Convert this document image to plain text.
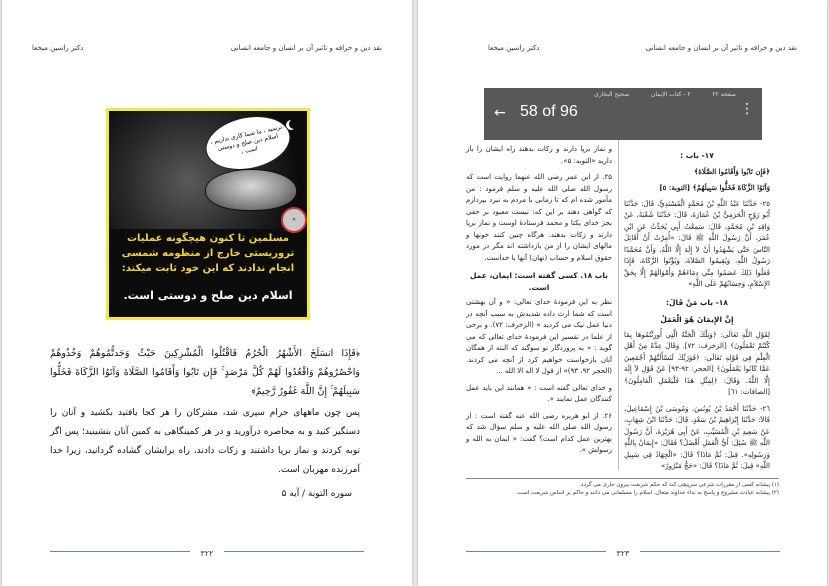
نقد دين و خرافه و تاثير آن بر انسان و جامعه انسانی
دکتر راسين ميخعا
ترسيد ، ما شما کاری نداريم ، اسلام دين صلح و دوستی است ،
✕
مسلمين تا کنون هيچگونه عمليات تروريستی خارج از منظومه شمسی انجام ندادند که اين خود ثابت ميکند:
اسلام دين صلح و دوستی است.
﴿فَإِذَا انسَلَخَ الأَشْهُرُ الْحُرُمُ فَاقْتُلُوا الْمُشْرِكِينَ حَيْثُ وَجَدتُّمُوهُمْ وَخُذُوهُمْ وَاحْصُرُوهُمْ وَاقْعُدُوا لَهُمْ كُلَّ مَرْصَدٍ ۚ فَإِن تَابُوا وَأَقَامُوا الصَّلَاةَ وَآتَوُا الزَّكَاةَ فَخَلُّوا سَبِيلَهُمْ ۚ إِنَّ اللَّهَ غَفُورٌ رَّحِيمٌ﴾
پس چون ماههای حرام سپری شد، مشرکان را هر کجا يافتيد بکشيد و آنان را دستگير کنيد و به محاصره درآوريد و در هر کمينگاهی به کمين آنان بنشينيد؛ پس اگر توبه کردند و نماز برپا داشتند و زکات دادند، راه برايشان گشاده گردانيد، زيرا خدا آمرزنده مهربان است.
سوره التوبة / آيه ۵
۳۲۲
نقد دين و خرافه و تاثير آن بر انسان و جامعه انسانی
دکتر راسين ميخعا
۱۷- باب :
﴿فَإِن تَابُوا وَأَقَامُوا الصَّلَاةَ﴾
وَآتَوُا الزَّكَاةَ فَخَلُّوا سَبِيلَهُمْ﴾ [التوبة: ٥]
٢٥- حَدَّثَنَا عَبْدُ اللَّهِ بْنُ مُحَمَّدٍ الْمُسْنَدِيُّ، قَالَ: حَدَّثَنَا أَبُو رَوْحٍ الْحَرَمِيُّ بْنُ عُمَارَةَ، قَالَ: حَدَّثَنَا شُعْبَةُ، عَنْ وَاقِدِ بْنِ مُحَمَّدٍ، قَالَ: سَمِعْتُ أَبِي يُحَدِّثُ عَنِ ابْنِ عُمَرَ، أَنَّ رَسُولَ اللَّهِ ﷺ قَالَ: «أُمِرْتُ أَنْ أُقَاتِلَ النَّاسَ حَتَّى يَشْهَدُوا أَنْ لاَ إِلَهَ إِلَّا اللَّهُ، وَأَنَّ مُحَمَّدًا رَسُولُ اللَّهِ، وَيُقِيمُوا الصَّلاَةَ، وَيُؤْتُوا الزَّكَاةَ، فَإِذَا فَعَلُوا ذَلِكَ عَصَمُوا مِنِّي دِمَاءَهُمْ وَأَمْوَالَهُمْ إِلَّا بِحَقِّ الإِسْلاَمِ، وَحِسَابُهُمْ عَلَى اللَّهِ»
١٨- باب مَنْ قَالَ:
إِنَّ الإِيمَانَ هُوَ الْعَمَلُ
لِقَوْلِ اللَّهِ تَعَالَى: ﴿وَتِلْكَ الْجَنَّةُ الَّتِي أُورِثْتُمُوهَا بِمَا كُنْتُمْ تَعْمَلُونَ﴾ [الزخرف: ٧٢]. وَقَالَ عِدَّةٌ مِنْ أَهْلِ الْعِلْمِ فِي قَوْلِهِ تَعَالَى: ﴿فَوَرَبِّكَ لَنَسْأَلَنَّهُمْ أَجْمَعِينَ عَمَّا كَانُوا يَعْمَلُونَ﴾ [الحجر: ٩٢-٩٣] عَنْ قَوْلِ لاَ إِلَهَ إِلَّا اللَّهُ. وَقَالَ: ﴿لِمِثْلِ هَذَا فَلْيَعْمَلِ الْعَامِلُونَ﴾ [الصافات: ٦١]
٢٦- حَدَّثَنَا أَحْمَدُ بْنُ يُونُسَ، وَمُوسَى بْنُ إِسْمَاعِيلَ، قَالاَ: حَدَّثَنَا إِبْرَاهِيمُ بْنُ سَعْدٍ، قَالَ: حَدَّثَنَا ابْنُ شِهَابٍ، عَنْ سَعِيدِ بْنِ الْمُسَيِّبِ، عَنْ أَبِي هُرَيْرَةَ، أَنَّ رَسُولَ اللَّهِ ﷺ سُئِلَ: أَيُّ الْعَمَلِ أَفْضَلُ؟ فَقَالَ: «إِيمَانٌ بِاللَّهِ وَرَسُولِهِ». قِيلَ: ثُمَّ مَاذَا؟ قَالَ: «الْجِهَادُ فِي سَبِيلِ اللَّهِ» قِيلَ: ثُمَّ مَاذَا؟ قَالَ: «حَجٌّ مَبْرُورٌ»
و نماز برپا دارند و زکات بدهند راه ايشان را باز داريد «التوبه: ۵».
۲۵. از ابن عمر رضی الله عنهما روايت است که رسول الله صلی الله عليه و سلم فرمود : من مأمور شده ام که تا زمانی با مردم به نبرد بپردازم که گواهی دهند بر اين که: نيست معبود بر حقی بجز خدای يکتا و محمد فرستادۀ اوست و نماز برپا دارند و زکات بدهند. هرگاه چنين کنند خونها و مالهای ايشان را از من بازداشته اند مگر در مورد حقوق اسلام و حساب (نهان) آنها با خداست.
باب ۱۸. کسی گفته است: ايمان، عمل است.
نظر به اين فرمودۀ خدای تعالی: « و آن بهشتی است که شما ارث داده شديدش به سبب آنچه در دنيا عمل نيک می کرديد » (الزخرف: ۷۲). و برخی از علما در تفسير اين فرمودۀ خدای تعالی که می گويد : « به پروردگار تو سوگند که البته از همگان آنان بازخواست خواهيم کرد از آنچه می کردند. (الحجر ۹۲، ۹۳)» از قول لا اله الا الله ...
و خدای تعالی گفته است : « همانند اين بايد عمل کنندگان عمل نمايند ».
۲۶. از ابو هريره رضی الله عنه گفته است : از رسول الله صلی الله عليه و سلم سؤال شد که بهترين عمل کدام است؟ گفت: « ايمان به الله و رسولش ».
صفحه ۲۲
۲ - کتاب الايمان
صحيح البخاری
← 58 of 96	⋮
(۱) پيشانه کسی از مقررات شرعی سرپيچی کند که حکم شريعت بيرون جاری می گردد.
(۲) پيشانه عبادت مشروع و پاسخ به نداء خداوند متعال، اسلام را مسلمانی می دانند و حاکم بر اساس شريعت است.
۳۲۳
